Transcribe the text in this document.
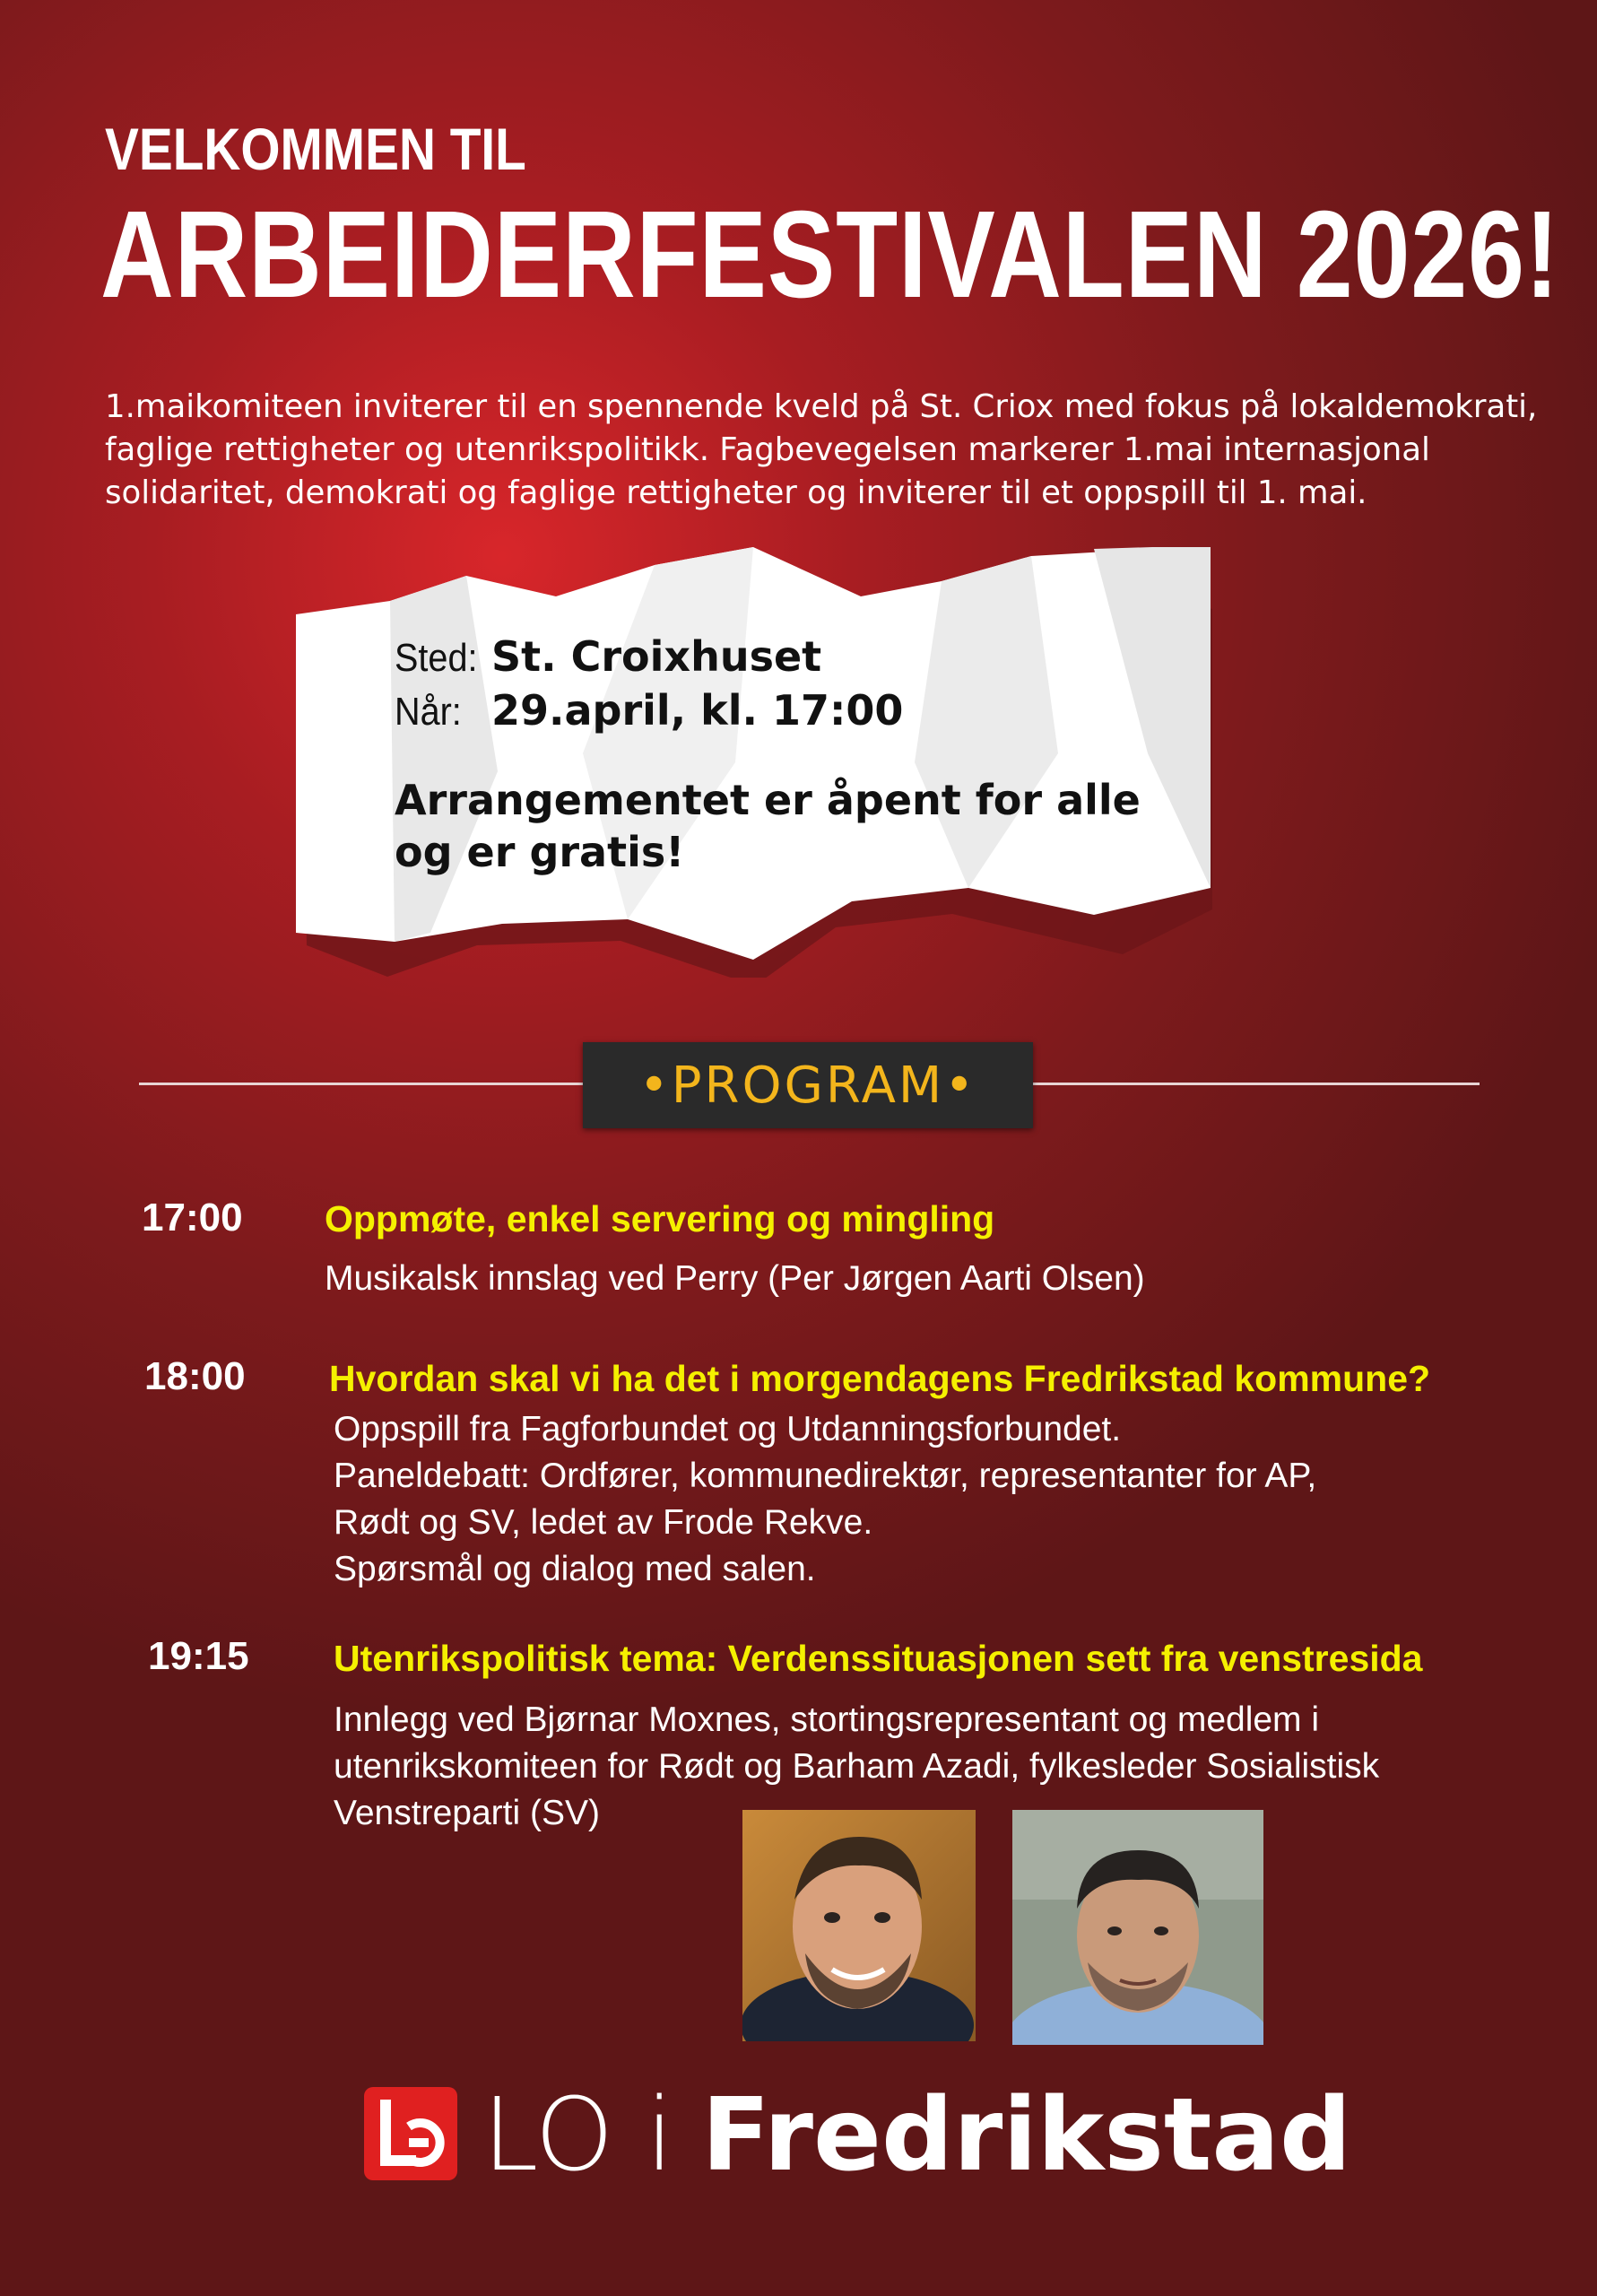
VELKOMMEN TIL
ARBEIDERFESTIVALEN 2026!

1.maikomiteen inviterer til en spennende kveld på St. Criox med fokus på lokaldemokrati, faglige rettigheter og utenrikspolitikk. Fagbevegelsen markerer 1.mai internasjonal solidaritet, demokrati og faglige rettigheter og inviterer til et oppspill til 1. mai.

Sted: St. Croixhuset
Når: 29.april, kl. 17:00
Arrangementet er åpent for alle og er gratis!
•PROGRAM•
17:00 Oppmøte, enkel servering og mingling
Musikalsk innslag ved Perry (Per Jørgen Aarti Olsen)
18:00 Hvordan skal vi ha det i morgendagens Fredrikstad kommune?
Oppspill fra Fagforbundet og Utdanningsforbundet.
Paneldebatt: Ordfører, kommunedirektør, representanter for AP,
Rødt og SV, ledet av Frode Rekve.
Spørsmål og dialog med salen.
19:15 Utenrikspolitisk tema: Verdenssituasjonen sett fra venstresida
Innlegg ved Bjørnar Moxnes, stortingsrepresentant og medlem i
utenrikskomiteen for Rødt og Barham Azadi, fylkesleder Sosialistisk
Venstreparti (SV)
LO i Fredrikstad
